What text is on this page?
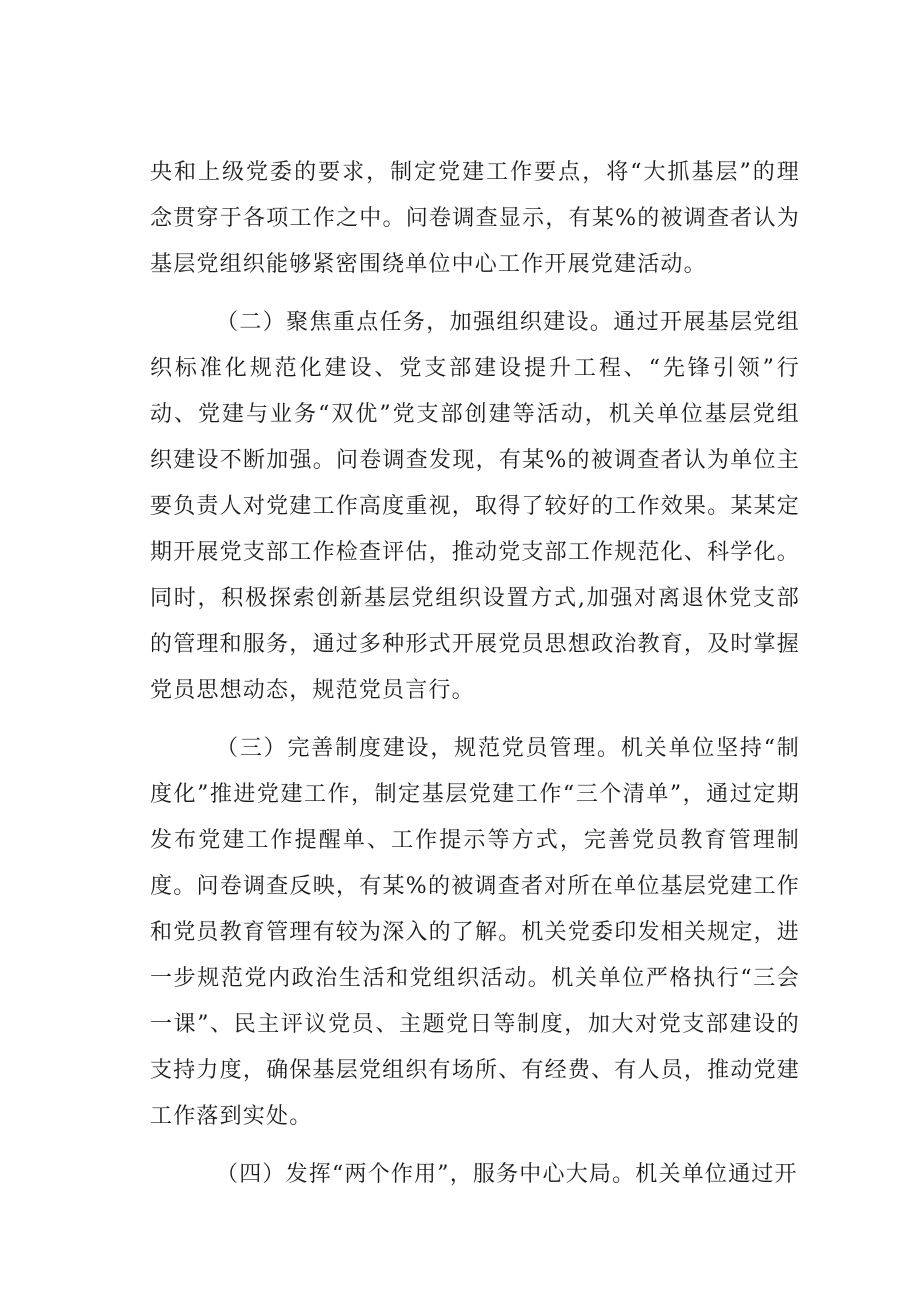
央和上级党委的要求，制定党建工作要点，将“大抓基层”的理念贯穿于各项工作之中。问卷调查显示，有某%的被调查者认为基层党组织能够紧密围绕单位中心工作开展党建活动。

（二）聚焦重点任务，加强组织建设。通过开展基层党组织标准化规范化建设、党支部建设提升工程、“先锋引领”行动、党建与业务“双优”党支部创建等活动，机关单位基层党组织建设不断加强。问卷调查发现，有某%的被调查者认为单位主要负责人对党建工作高度重视，取得了较好的工作效果。某某定期开展党支部工作检查评估，推动党支部工作规范化、科学化。同时，积极探索创新基层党组织设置方式,加强对离退休党支部的管理和服务，通过多种形式开展党员思想政治教育，及时掌握党员思想动态，规范党员言行。

（三）完善制度建设，规范党员管理。机关单位坚持“制度化”推进党建工作，制定基层党建工作“三个清单”，通过定期发布党建工作提醒单、工作提示等方式，完善党员教育管理制度。问卷调查反映，有某%的被调查者对所在单位基层党建工作和党员教育管理有较为深入的了解。机关党委印发相关规定，进一步规范党内政治生活和党组织活动。机关单位严格执行“三会一课”、民主评议党员、主题党日等制度，加大对党支部建设的支持力度，确保基层党组织有场所、有经费、有人员，推动党建工作落到实处。

（四）发挥“两个作用”，服务中心大局。机关单位通过开
